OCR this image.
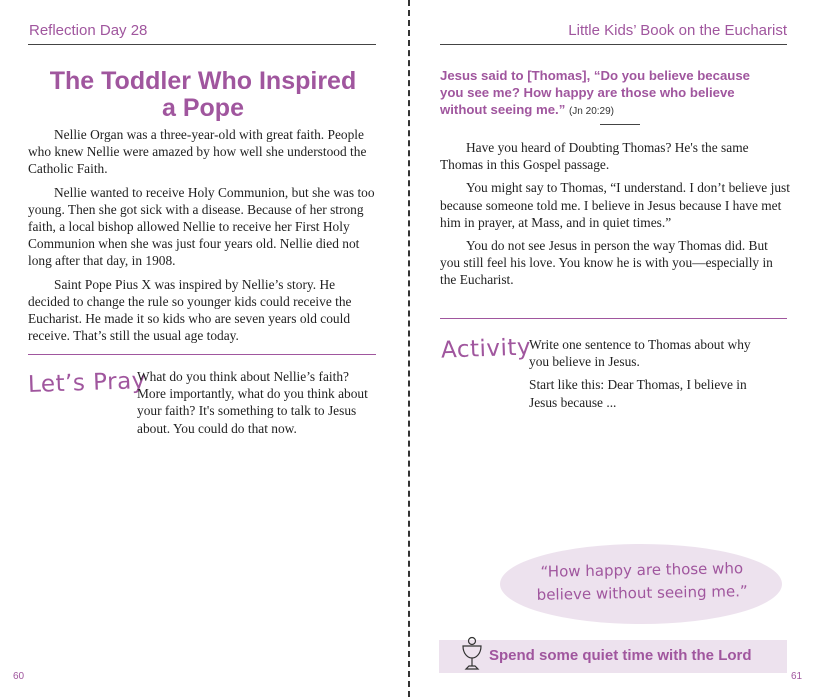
Reflection Day 28
The Toddler Who Inspired
a Pope

Nellie Organ was a three-year-old with great faith. People who knew Nellie were amazed by how well she understood the Catholic Faith.

Nellie wanted to receive Holy Communion, but she was too young. Then she got sick with a disease. Because of her strong faith, a local bishop allowed Nellie to receive her First Holy Communion when she was just four years old. Nellie died not long after that day, in 1908.

Saint Pope Pius X was inspired by Nellie’s story. He decided to change the rule so younger kids could receive the Eucharist. He made it so kids who are seven years old could receive. That’s still the usual age today.

Let’s Pray
What do you think about Nellie’s faith? More importantly, what do you think about your faith? It's something to talk to Jesus about. You could do that now.
60
Little Kids’ Book on the Eucharist
Jesus said to [Thomas], “Do you believe because you see me? How happy are those who believe without seeing me.” (Jn 20:29)

Have you heard of Doubting Thomas? He's the same Thomas in this Gospel passage.

You might say to Thomas, “I understand. I don’t believe just because someone told me. I believe in Jesus because I have met him in prayer, at Mass, and in quiet times.”

You do not see Jesus in person the way Thomas did. But you still feel his love. You know he is with you—especially in the Eucharist.

Activity
Write one sentence to Thomas about why you believe in Jesus.
Start like this: Dear Thomas, I believe in Jesus because ...
“How happy are those who believe without seeing me.”
Spend some quiet time with the Lord
61
